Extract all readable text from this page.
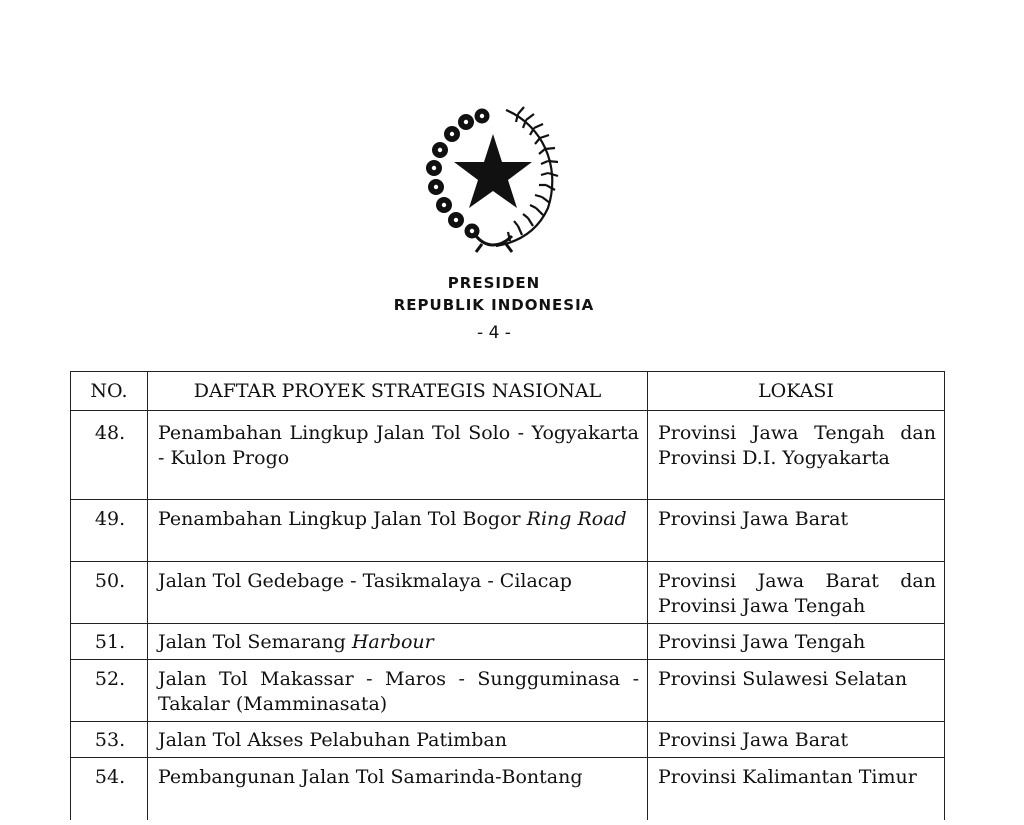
PRESIDEN
REPUBLIK INDONESIA
- 4 -
NO.	DAFTAR PROYEK STRATEGIS NASIONAL	LOKASI
48.	Penambahan Lingkup Jalan Tol Solo - Yogyakarta - Kulon Progo	Provinsi Jawa Tengah dan Provinsi D.I. Yogyakarta
49.	Penambahan Lingkup Jalan Tol Bogor Ring Road	Provinsi Jawa Barat
50.	Jalan Tol Gedebage - Tasikmalaya - Cilacap	Provinsi Jawa Barat dan Provinsi Jawa Tengah
51.	Jalan Tol Semarang Harbour	Provinsi Jawa Tengah
52.	Jalan Tol Makassar - Maros - Sungguminasa - Takalar (Mamminasata)	Provinsi Sulawesi Selatan
53.	Jalan Tol Akses Pelabuhan Patimban	Provinsi Jawa Barat
54.	Pembangunan Jalan Tol Samarinda-Bontang	Provinsi Kalimantan Timur
